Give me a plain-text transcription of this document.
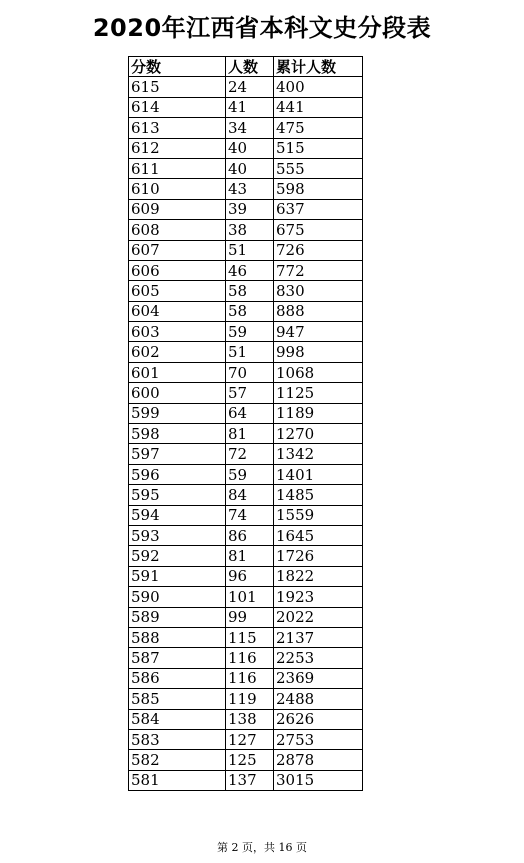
2020年江西省本科文史分段表
分数	人数	累计人数
615	24	400
614	41	441
613	34	475
612	40	515
611	40	555
610	43	598
609	39	637
608	38	675
607	51	726
606	46	772
605	58	830
604	58	888
603	59	947
602	51	998
601	70	1068
600	57	1125
599	64	1189
598	81	1270
597	72	1342
596	59	1401
595	84	1485
594	74	1559
593	86	1645
592	81	1726
591	96	1822
590	101	1923
589	99	2022
588	115	2137
587	116	2253
586	116	2369
585	119	2488
584	138	2626
583	127	2753
582	125	2878
581	137	3015
第 2 页，共 16 页
